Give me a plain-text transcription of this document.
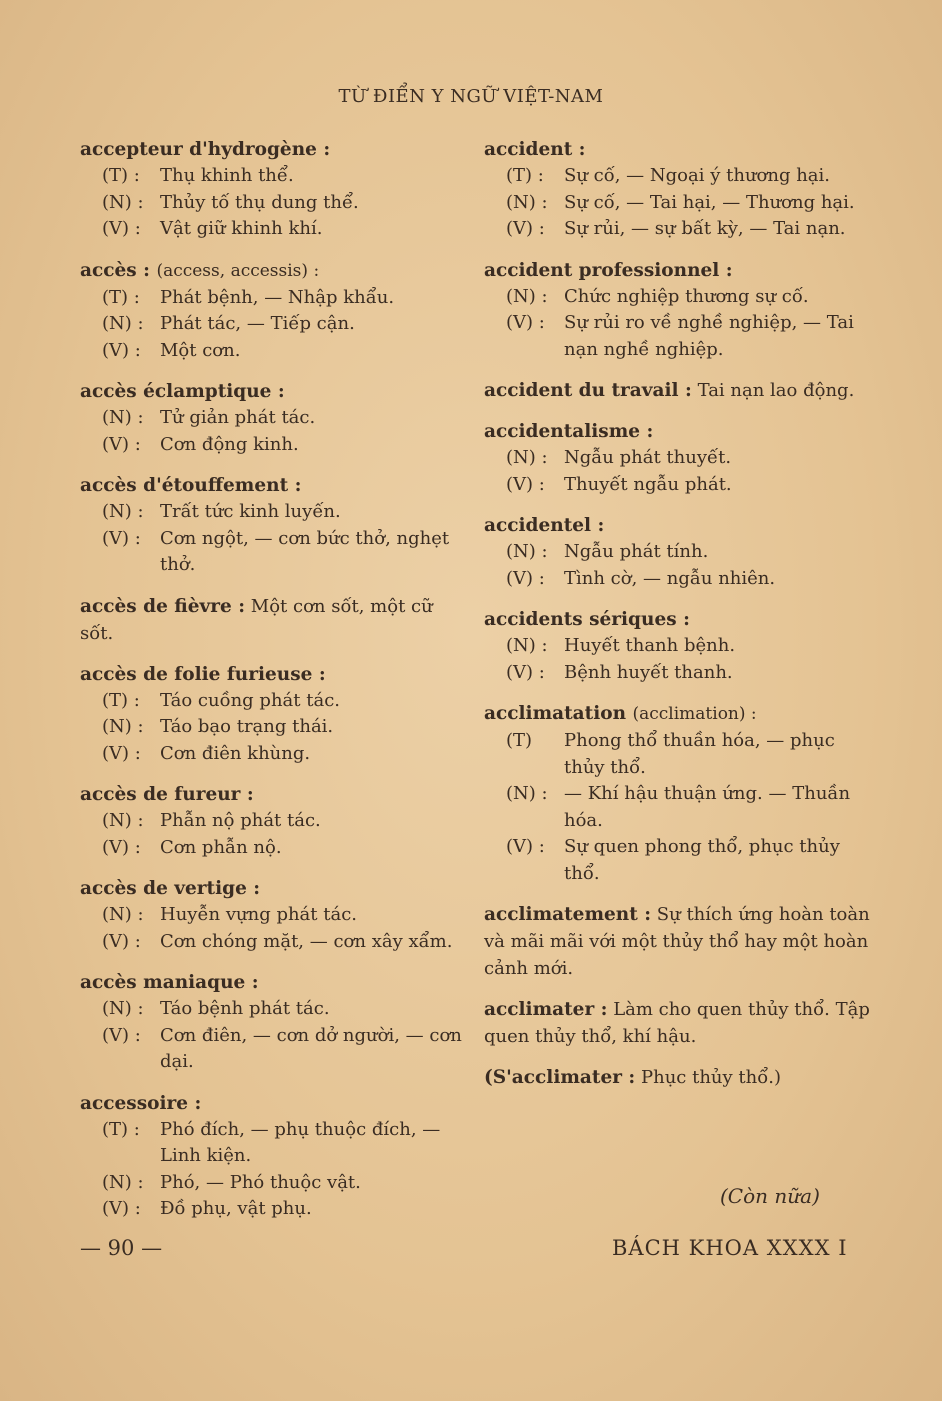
TỪ ĐIỂN Y NGỮ VIỆT-NAM
accepteur d'hydrogène :
(T) :	Thụ khinh thể.
(N) : Thủy tố thụ dung thể.
(V) :	Vật giữ khinh khí.
accès : (access, accessis) :
(T) :	Phát bệnh, — Nhập khẩu.
(N) : Phát tác, — Tiếp cận.
(V) :	Một cơn.
accès éclamptique :
(N) : Tử giản phát tác.
(V) :	Cơn động kinh.
accès d'étouffement :
(N) : Trất tức kinh luyến.
(V) :	Cơn ngột, — cơn bức thở, nghẹt thở.
accès de fièvre : Một cơn sốt, một cữ sốt.
accès de folie furieuse :
(T) :	Táo cuồng phát tác.
(N) : Táo bạo trạng thái.
(V) :	Cơn điên khùng.
accès de fureur :
(N) : Phẫn nộ phát tác.
(V) :	Cơn phẫn nộ.
accès de vertige :
(N) : Huyễn vựng phát tác.
(V) :	Cơn chóng mặt, — cơn xây xẩm.
accès maniaque :
(N) : Táo bệnh phát tác.
(V) :	Cơn điên, — cơn dở người, — cơn dại.
accessoire :
(T) :	Phó đích, — phụ thuộc đích, — Linh kiện.
(N) : Phó, — Phó thuộc vật.
(V) :	Đồ phụ, vật phụ.
accident :
(T) :	Sự cố, — Ngoại ý thương hại.
(N) : Sự cố, — Tai hại, — Thương hại.
(V) :	Sự rủi, — sự bất kỳ, — Tai nạn.
accident professionnel :
(N) : Chức nghiệp thương sự cố.
(V) :	Sự rủi ro về nghề nghiệp, — Tai nạn nghề nghiệp.
accident du travail : Tai nạn lao động.
accidentalisme :
(N) : Ngẫu phát thuyết.
(V) :	Thuyết ngẫu phát.
accidentel :
(N) : Ngẫu phát tính.
(V) :	Tình cờ, — ngẫu nhiên.
accidents sériques :
(N) : Huyết thanh bệnh.
(V) :	Bệnh huyết thanh.
acclimatation (acclimation) :
(T)	Phong thổ thuần hóa, — phục thủy thổ.
(N) : — Khí hậu thuận ứng. — Thuần hóa.
(V) :	Sự quen phong thổ, phục thủy thổ.
acclimatement : Sự thích ứng hoàn toàn và mãi mãi với một thủy thổ hay một hoàn cảnh mới.
acclimater : Làm cho quen thủy thổ. Tập quen thủy thổ, khí hậu.
(S'acclimater : Phục thủy thổ.)
(Còn nữa)
— 90 —	BÁCH KHOA XXXX I
